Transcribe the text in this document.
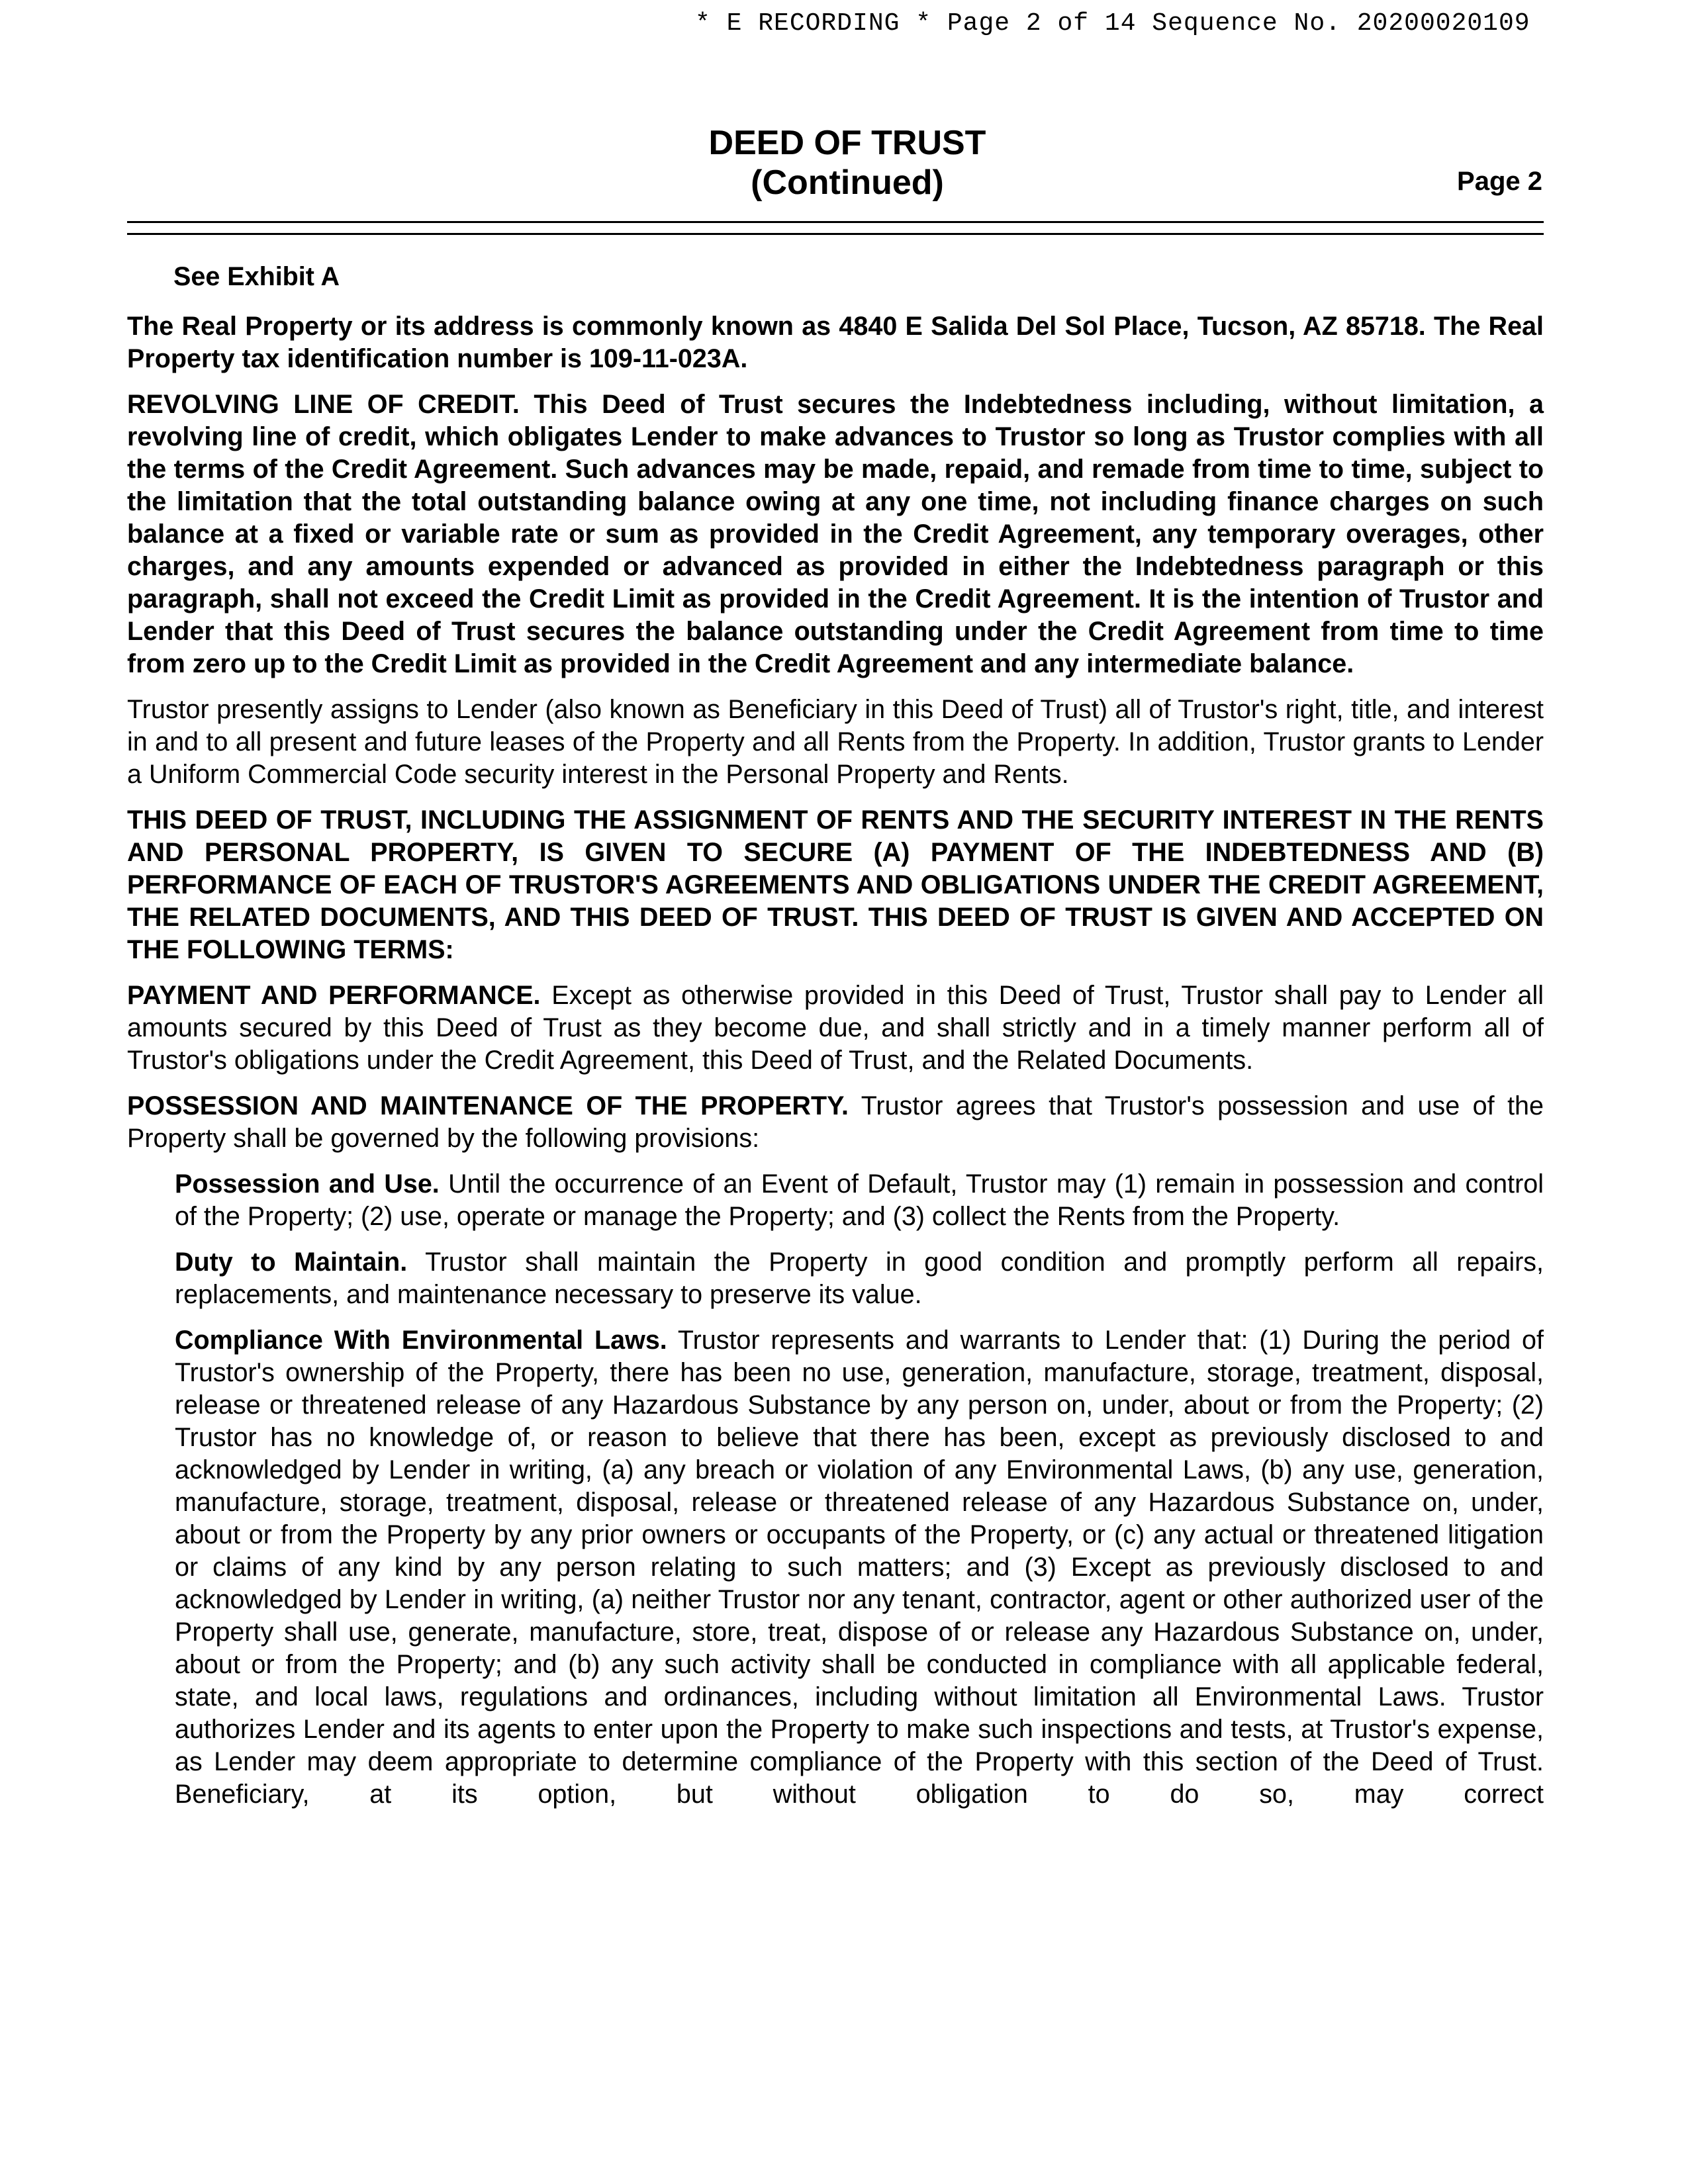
* E RECORDING * Page 2 of 14 Sequence No. 20200020109
DEED OF TRUST
(Continued)	Page 2

See Exhibit A

The Real Property or its address is commonly known as 4840 E Salida Del Sol Place, Tucson, AZ 85718. The Real Property tax identification number is 109-11-023A.

REVOLVING LINE OF CREDIT. This Deed of Trust secures the Indebtedness including, without limitation, a revolving line of credit, which obligates Lender to make advances to Trustor so long as Trustor complies with all the terms of the Credit Agreement. Such advances may be made, repaid, and remade from time to time, subject to the limitation that the total outstanding balance owing at any one time, not including finance charges on such balance at a fixed or variable rate or sum as provided in the Credit Agreement, any temporary overages, other charges, and any amounts expended or advanced as provided in either the Indebtedness paragraph or this paragraph, shall not exceed the Credit Limit as provided in the Credit Agreement. It is the intention of Trustor and Lender that this Deed of Trust secures the balance outstanding under the Credit Agreement from time to time from zero up to the Credit Limit as provided in the Credit Agreement and any intermediate balance.

Trustor presently assigns to Lender (also known as Beneficiary in this Deed of Trust) all of Trustor's right, title, and interest in and to all present and future leases of the Property and all Rents from the Property. In addition, Trustor grants to Lender a Uniform Commercial Code security interest in the Personal Property and Rents.

THIS DEED OF TRUST, INCLUDING THE ASSIGNMENT OF RENTS AND THE SECURITY INTEREST IN THE RENTS AND PERSONAL PROPERTY, IS GIVEN TO SECURE (A) PAYMENT OF THE INDEBTEDNESS AND (B) PERFORMANCE OF EACH OF TRUSTOR'S AGREEMENTS AND OBLIGATIONS UNDER THE CREDIT AGREEMENT, THE RELATED DOCUMENTS, AND THIS DEED OF TRUST. THIS DEED OF TRUST IS GIVEN AND ACCEPTED ON THE FOLLOWING TERMS:

PAYMENT AND PERFORMANCE. Except as otherwise provided in this Deed of Trust, Trustor shall pay to Lender all amounts secured by this Deed of Trust as they become due, and shall strictly and in a timely manner perform all of Trustor's obligations under the Credit Agreement, this Deed of Trust, and the Related Documents.

POSSESSION AND MAINTENANCE OF THE PROPERTY. Trustor agrees that Trustor's possession and use of the Property shall be governed by the following provisions:

Possession and Use. Until the occurrence of an Event of Default, Trustor may (1) remain in possession and control of the Property; (2) use, operate or manage the Property; and (3) collect the Rents from the Property.

Duty to Maintain. Trustor shall maintain the Property in good condition and promptly perform all repairs, replacements, and maintenance necessary to preserve its value.

Compliance With Environmental Laws. Trustor represents and warrants to Lender that: (1) During the period of Trustor's ownership of the Property, there has been no use, generation, manufacture, storage, treatment, disposal, release or threatened release of any Hazardous Substance by any person on, under, about or from the Property; (2) Trustor has no knowledge of, or reason to believe that there has been, except as previously disclosed to and acknowledged by Lender in writing, (a) any breach or violation of any Environmental Laws, (b) any use, generation, manufacture, storage, treatment, disposal, release or threatened release of any Hazardous Substance on, under, about or from the Property by any prior owners or occupants of the Property, or (c) any actual or threatened litigation or claims of any kind by any person relating to such matters; and (3) Except as previously disclosed to and acknowledged by Lender in writing, (a) neither Trustor nor any tenant, contractor, agent or other authorized user of the Property shall use, generate, manufacture, store, treat, dispose of or release any Hazardous Substance on, under, about or from the Property; and (b) any such activity shall be conducted in compliance with all applicable federal, state, and local laws, regulations and ordinances, including without limitation all Environmental Laws. Trustor authorizes Lender and its agents to enter upon the Property to make such inspections and tests, at Trustor's expense, as Lender may deem appropriate to determine compliance of the Property with this section of the Deed of Trust. Beneficiary, at its option, but without obligation to do so, may correct
